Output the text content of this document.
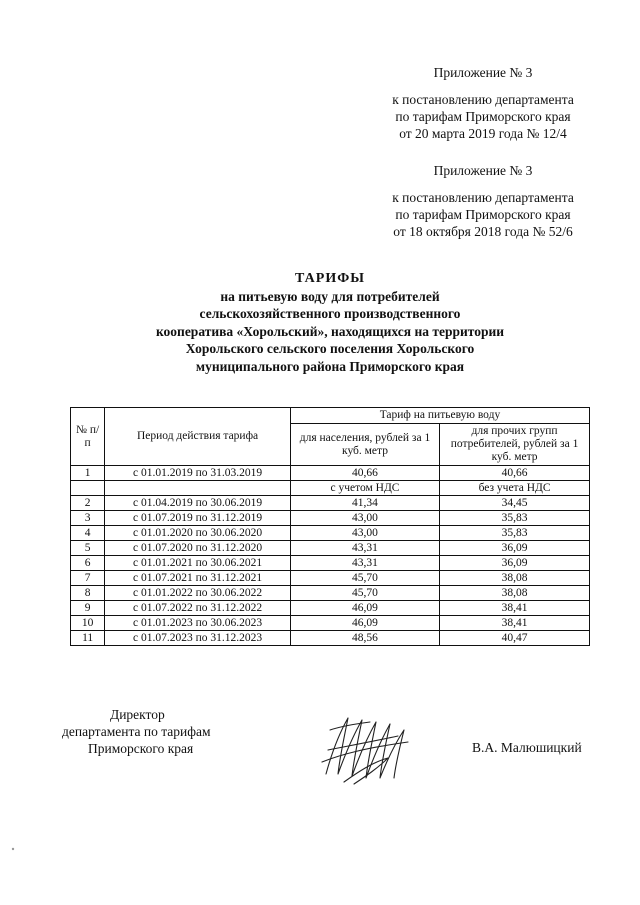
Приложение № 3
к постановлению департамента
по тарифам Приморского края
от 20 марта 2019 года № 12/4
Приложение № 3
к постановлению департамента
по тарифам Приморского края
от 18 октября 2018 года № 52/6
ТАРИФЫ
на питьевую воду для потребителей
сельскохозяйственного производственного
кооператива «Хорольский», находящихся на территории
Хорольского сельского поселения Хорольского
муниципального района Приморского края
№ п/п	Период действия тарифа	Тариф на питьевую воду	
		для населения, рублей за 1 куб. метр	для прочих групп потребителей, рублей за 1 куб. метр
1	с 01.01.2019 по 31.03.2019	40,66	40,66
		с учетом НДС	без учета НДС
2	с 01.04.2019 по 30.06.2019	41,34	34,45
3	с 01.07.2019 по 31.12.2019	43,00	35,83
4	с 01.01.2020 по 30.06.2020	43,00	35,83
5	с 01.07.2020 по 31.12.2020	43,31	36,09
6	с 01.01.2021 по 30.06.2021	43,31	36,09
7	с 01.07.2021 по 31.12.2021	45,70	38,08
8	с 01.01.2022 по 30.06.2022	45,70	38,08
9	с 01.07.2022 по 31.12.2022	46,09	38,41
10	с 01.01.2023 по 30.06.2023	46,09	38,41
11	с 01.07.2023 по 31.12.2023	48,56	40,47
Директор
департамента по тарифам
Приморского края	В.А. Малюшицкий
